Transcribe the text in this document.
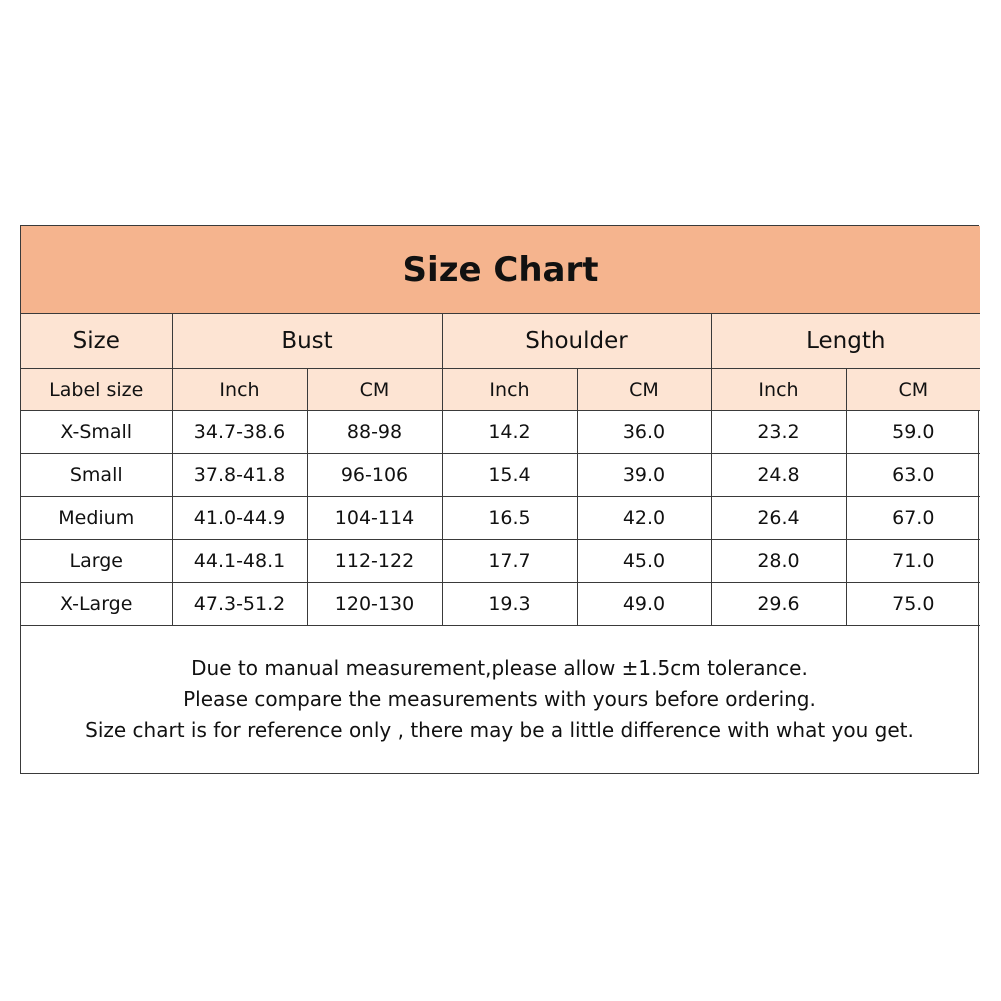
Size Chart						
Size	Bust		Shoulder		Length	
Label size	Inch	CM	Inch	CM	Inch	CM
X-Small	34.7-38.6	88-98	14.2	36.0	23.2	59.0
Small	37.8-41.8	96-106	15.4	39.0	24.8	63.0
Medium	41.0-44.9	104-114	16.5	42.0	26.4	67.0
Large	44.1-48.1	112-122	17.7	45.0	28.0	71.0
X-Large	47.3-51.2	120-130	19.3	49.0	29.6	75.0
Due to manual measurement,please allow ±1.5cm tolerance.
Please compare the measurements with yours before ordering.
Size chart is for reference only , there may be a little difference with what you get.
